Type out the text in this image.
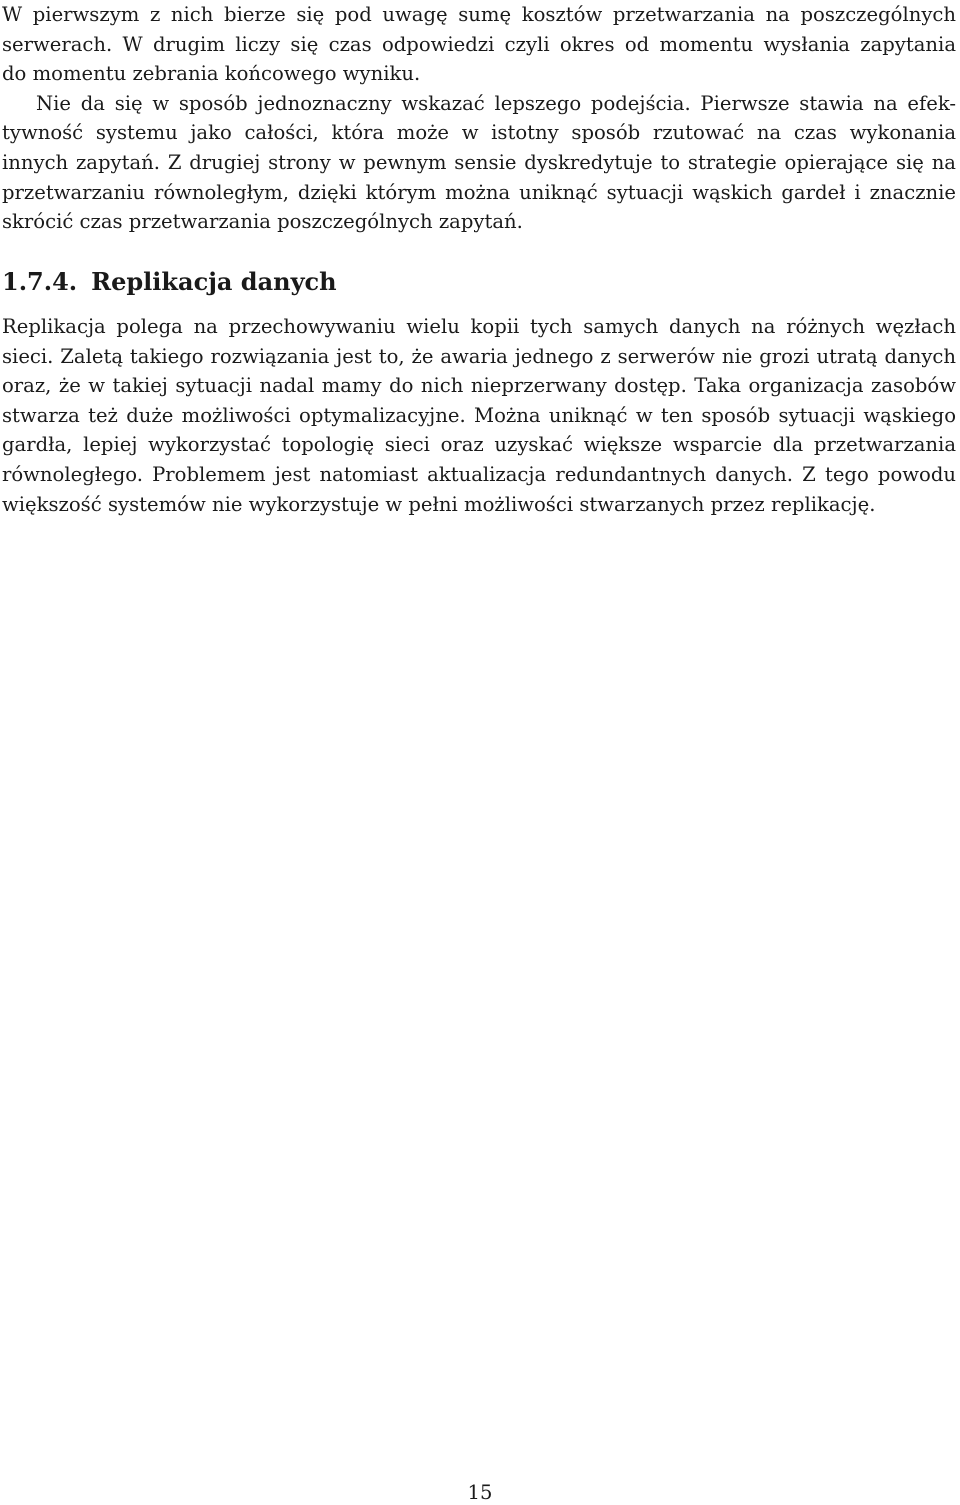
W pierwszym z nich bierze się pod uwagę sumę kosztów przetwarzania na poszczególnych
serwerach. W drugim liczy się czas odpowiedzi czyli okres od momentu wysłania zapytania
do momentu zebrania końcowego wyniku.
Nie da się w sposób jednoznaczny wskazać lepszego podejścia. Pierwsze stawia na efek-
tywność systemu jako całości, która może w istotny sposób rzutować na czas wykonania
innych zapytań. Z drugiej strony w pewnym sensie dyskredytuje to strategie opierające się na
przetwarzaniu równoległym, dzięki którym można uniknąć sytuacji wąskich gardeł i znacznie
skrócić czas przetwarzania poszczególnych zapytań.
1.7.4. Replikacja danych
Replikacja polega na przechowywaniu wielu kopii tych samych danych na różnych węzłach
sieci. Zaletą takiego rozwiązania jest to, że awaria jednego z serwerów nie grozi utratą danych
oraz, że w takiej sytuacji nadal mamy do nich nieprzerwany dostęp. Taka organizacja zasobów
stwarza też duże możliwości optymalizacyjne. Można uniknąć w ten sposób sytuacji wąskiego
gardła, lepiej wykorzystać topologię sieci oraz uzyskać większe wsparcie dla przetwarzania
równoległego. Problemem jest natomiast aktualizacja redundantnych danych. Z tego powodu
większość systemów nie wykorzystuje w pełni możliwości stwarzanych przez replikację.
15
